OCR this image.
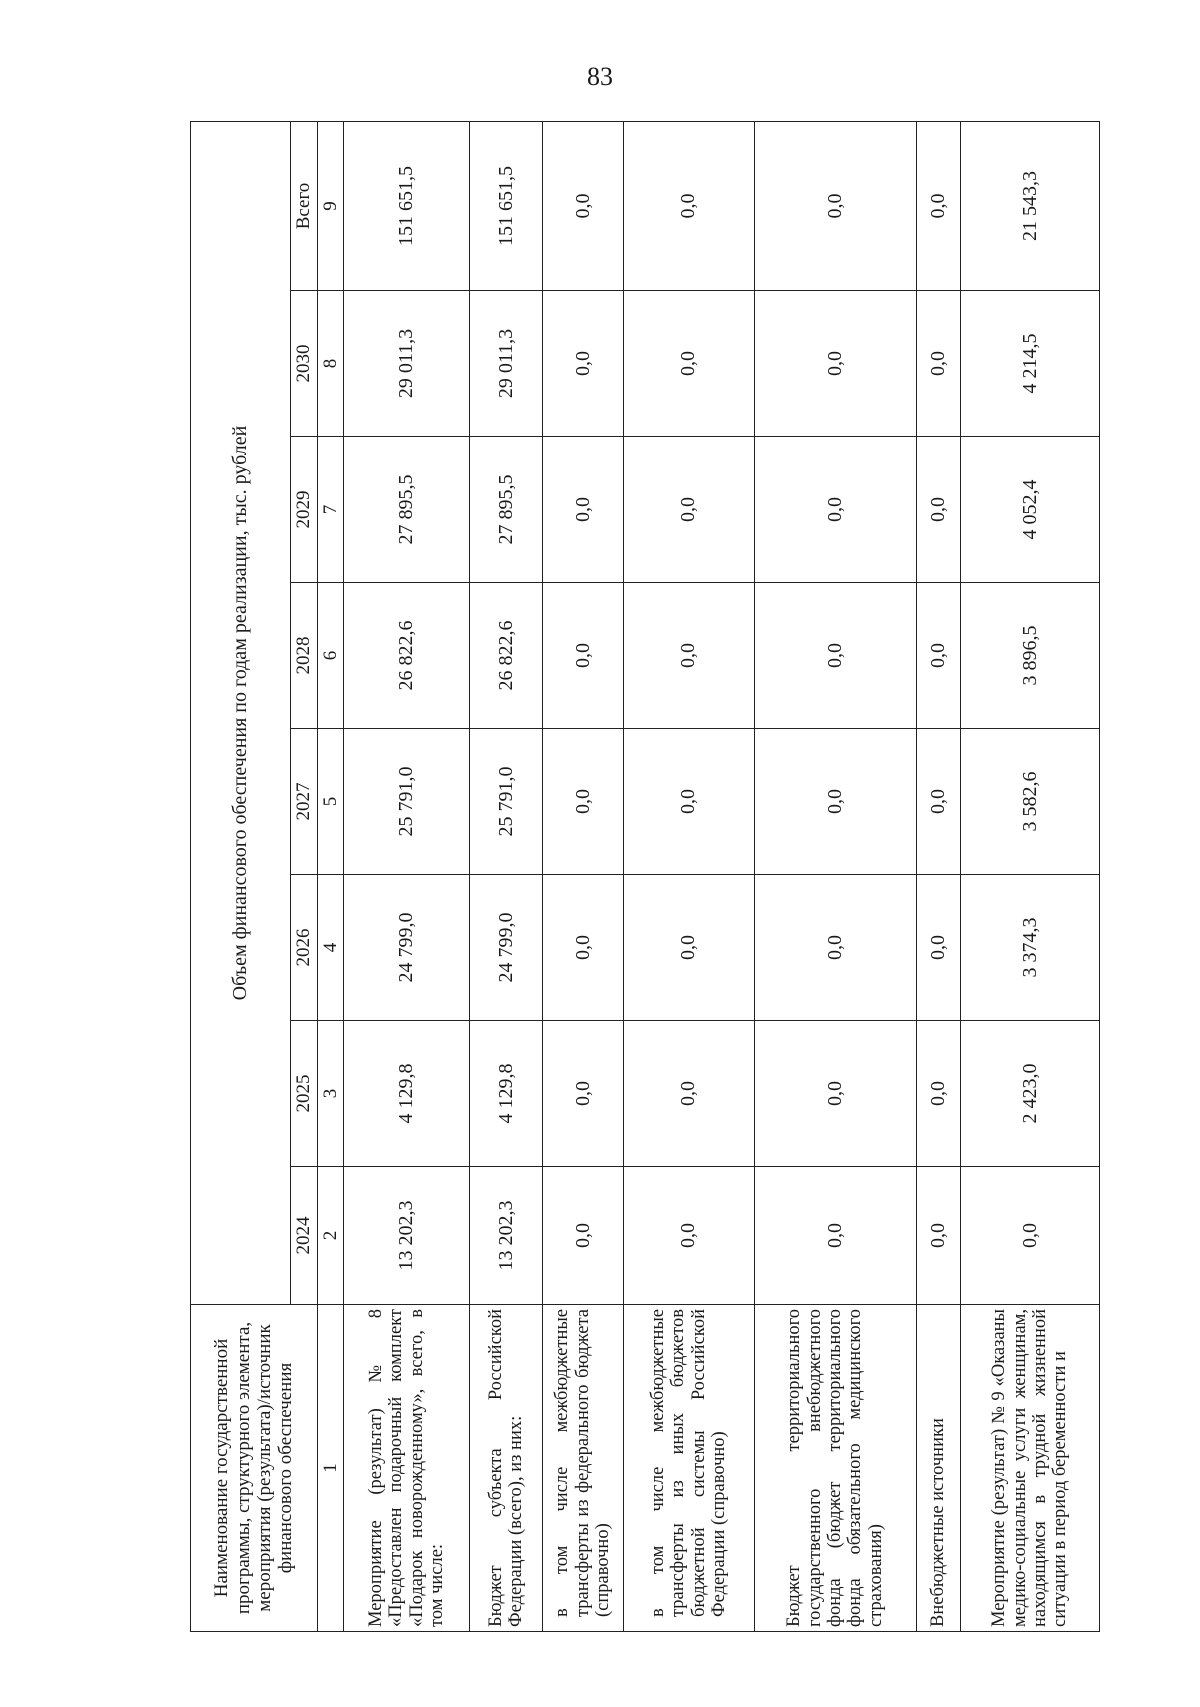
83
Наименование государственной программы, структурного элемента, мероприятия (результата)/источник финансового обеспечения	Объем финансового обеспечения по годам реализации, тыс. рублей							
	2024	2025	2026	2027	2028	2029	2030	Всего
1	2	3	4	5	6	7	8	9
Мероприятие (результат) № 8 «Предоставлен подарочный комплект «Подарок новорожденному», всего, в том числе:	13 202,3	4 129,8	24 799,0	25 791,0	26 822,6	27 895,5	29 011,3	151 651,5
Бюджет субъекта Российской Федерации (всего), из них:	13 202,3	4 129,8	24 799,0	25 791,0	26 822,6	27 895,5	29 011,3	151 651,5
в том числе межбюджетные трансферты из федерального бюджета (справочно)	0,0	0,0	0,0	0,0	0,0	0,0	0,0	0,0
в том числе межбюджетные трансферты из иных бюджетов бюджетной системы Российской Федерации (справочно)	0,0	0,0	0,0	0,0	0,0	0,0	0,0	0,0
Бюджет территориального государственного внебюджетного фонда (бюджет территориального фонда обязательного медицинского страхования)	0,0	0,0	0,0	0,0	0,0	0,0	0,0	0,0
Внебюджетные источники	0,0	0,0	0,0	0,0	0,0	0,0	0,0	0,0
Мероприятие (результат) № 9 «Оказаны медико-социальные услуги женщинам, находящимся в трудной жизненной ситуации в период беременности и	0,0	2 423,0	3 374,3	3 582,6	3 896,5	4 052,4	4 214,5	21 543,3
